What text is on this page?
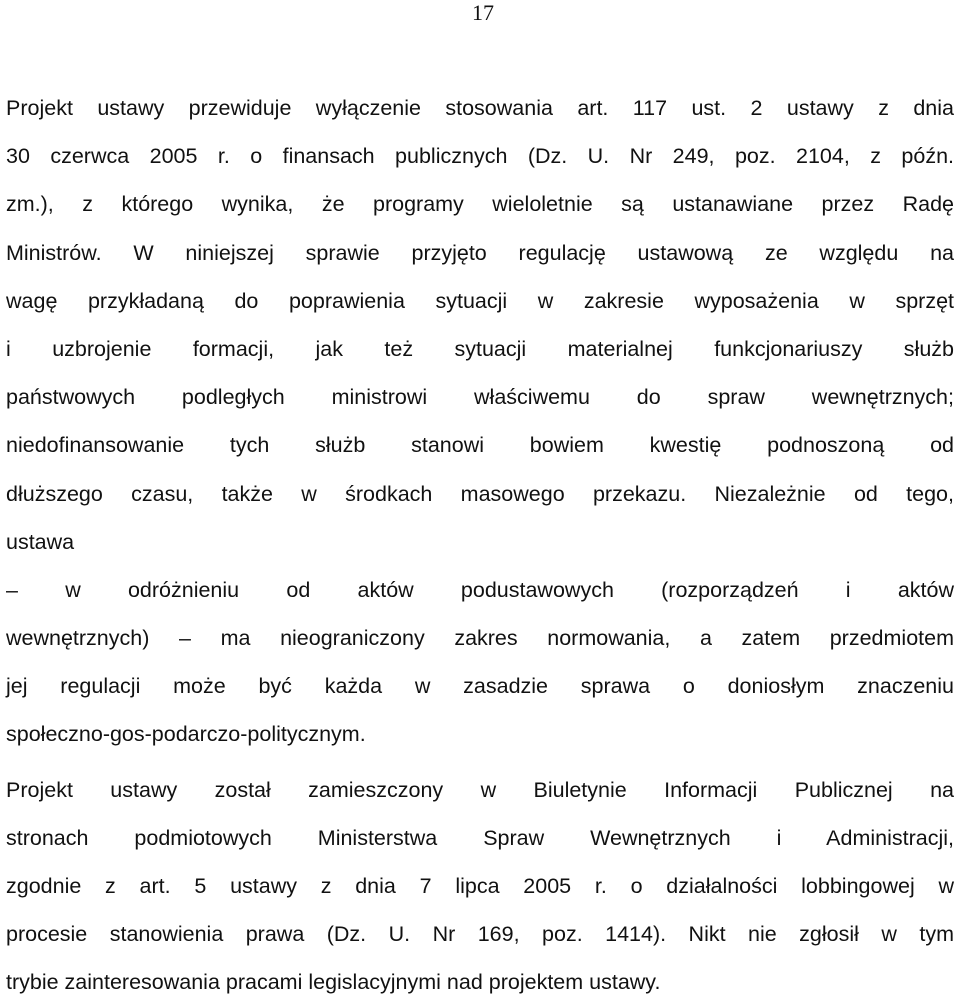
17
Projekt ustawy przewiduje wyłączenie stosowania art. 117 ust. 2 ustawy z dnia
30 czerwca 2005 r. o finansach publicznych (Dz. U. Nr 249, poz. 2104, z późn.
zm.), z którego wynika, że programy wieloletnie są ustanawiane przez Radę
Ministrów. W niniejszej sprawie przyjęto regulację ustawową ze względu na
wagę przykładaną do poprawienia sytuacji w zakresie wyposażenia w sprzęt
i uzbrojenie formacji, jak też sytuacji materialnej funkcjonariuszy służb
państwowych podległych ministrowi właściwemu do spraw wewnętrznych;
niedofinansowanie tych służb stanowi bowiem kwestię podnoszoną od
dłuższego czasu, także w środkach masowego przekazu. Niezależnie od tego,
ustawa
– w odróżnieniu od aktów podustawowych (rozporządzeń i aktów
wewnętrznych) – ma nieograniczony zakres normowania, a zatem przedmiotem
jej regulacji może być każda w zasadzie sprawa o doniosłym znaczeniu
społeczno-gos-podarczo-politycznym.
Projekt ustawy został zamieszczony w Biuletynie Informacji Publicznej na
stronach podmiotowych Ministerstwa Spraw Wewnętrznych i Administracji,
zgodnie z art. 5 ustawy z dnia 7 lipca 2005 r. o działalności lobbingowej w
procesie stanowienia prawa (Dz. U. Nr 169, poz. 1414). Nikt nie zgłosił w tym
trybie zainteresowania pracami legislacyjnymi nad projektem ustawy.
